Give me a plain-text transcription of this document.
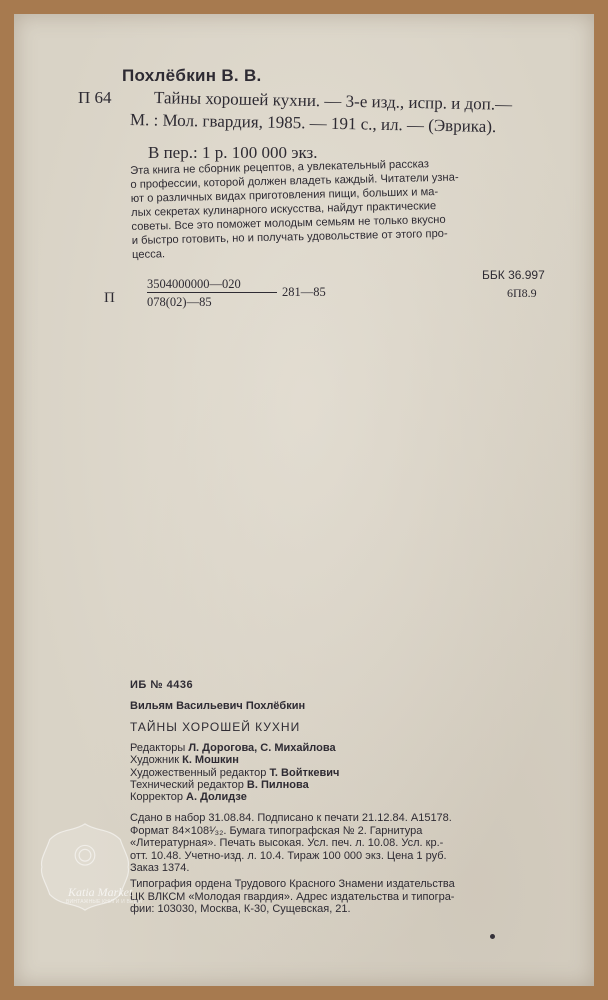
Похлёбкин В. В.
П 64 Тайны хорошей кухни. — 3-е изд., испр. и доп.—
М. : Мол. гвардия, 1985. — 191 с., ил. — (Эврика).
В пер.: 1 р. 100 000 экз.
Эта книга не сборник рецептов, а увлекательный рассказ
о профессии, которой должен владеть каждый. Читатели узна-
ют о различных видах приготовления пищи, больших и ма-
лых секретах кулинарного искусства, найдут практические
советы. Все это поможет молодым семьям не только вкусно
и быстро готовить, но и получать удовольствие от этого про-
цесса.
ББК 36.997
6П8.9
П
3504000000—020
078(02)—85
281—85
ИБ № 4436
Вильям Васильевич Похлёбкин
ТАЙНЫ ХОРОШЕЙ КУХНИ
Редакторы Л. Дорогова, С. Михайлова
Художник К. Мошкин
Художественный редактор Т. Войткевич
Технический редактор В. Пилнова
Корректор А. Долидзе
Сдано в набор 31.08.84. Подписано к печати 21.12.84. А15178.
Формат 84×108¹⁄₃₂. Бумага типографская № 2. Гарнитура
«Литературная». Печать высокая. Усл. печ. л. 10.08. Усл. кр.-
отт. 10.48. Учетно-изд. л. 10.4. Тираж 100 000 экз. Цена 1 руб.
Заказ 1374.
Типография ордена Трудового Красного Знамени издательства
ЦК ВЛКСМ «Молодая гвардия». Адрес издательства и типогра-
фии: 103030, Москва, К-30, Сущевская, 21.
Katia Market
ВИНТАЖНЫЕ КНИГИ И ВЕЩИ
